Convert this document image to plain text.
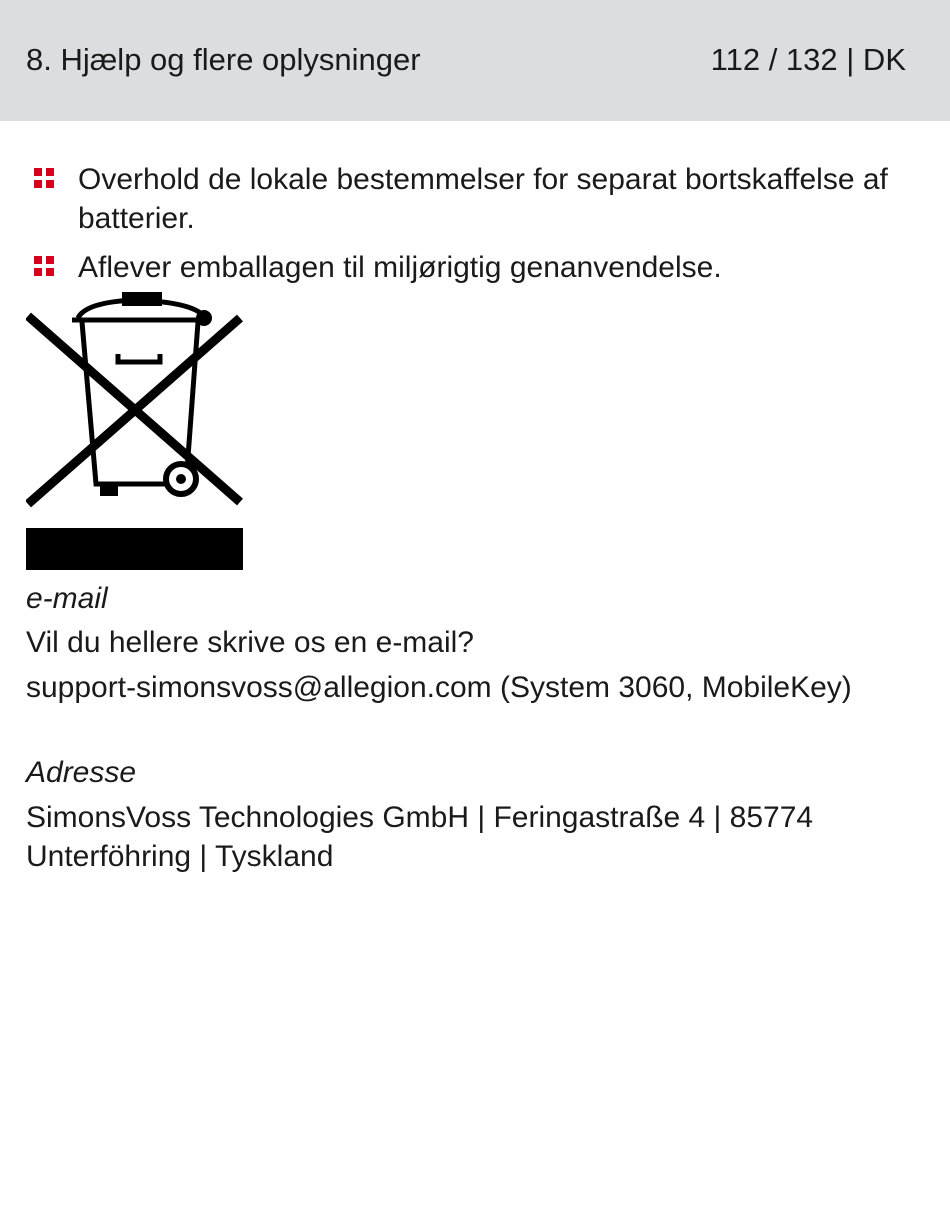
8. Hjælp og flere oplysninger	112 / 132 | DK
Overhold de lokale bestemmelser for separat bortskaffelse af batterier.
Aflever emballagen til miljørigtig genanvendelse.
e-mail
Vil du hellere skrive os en e-mail?
support-simonsvoss@allegion.com (System 3060, MobileKey)
Adresse
SimonsVoss Technologies GmbH | Feringastraße 4 | 85774 Unterföhring | Tyskland
